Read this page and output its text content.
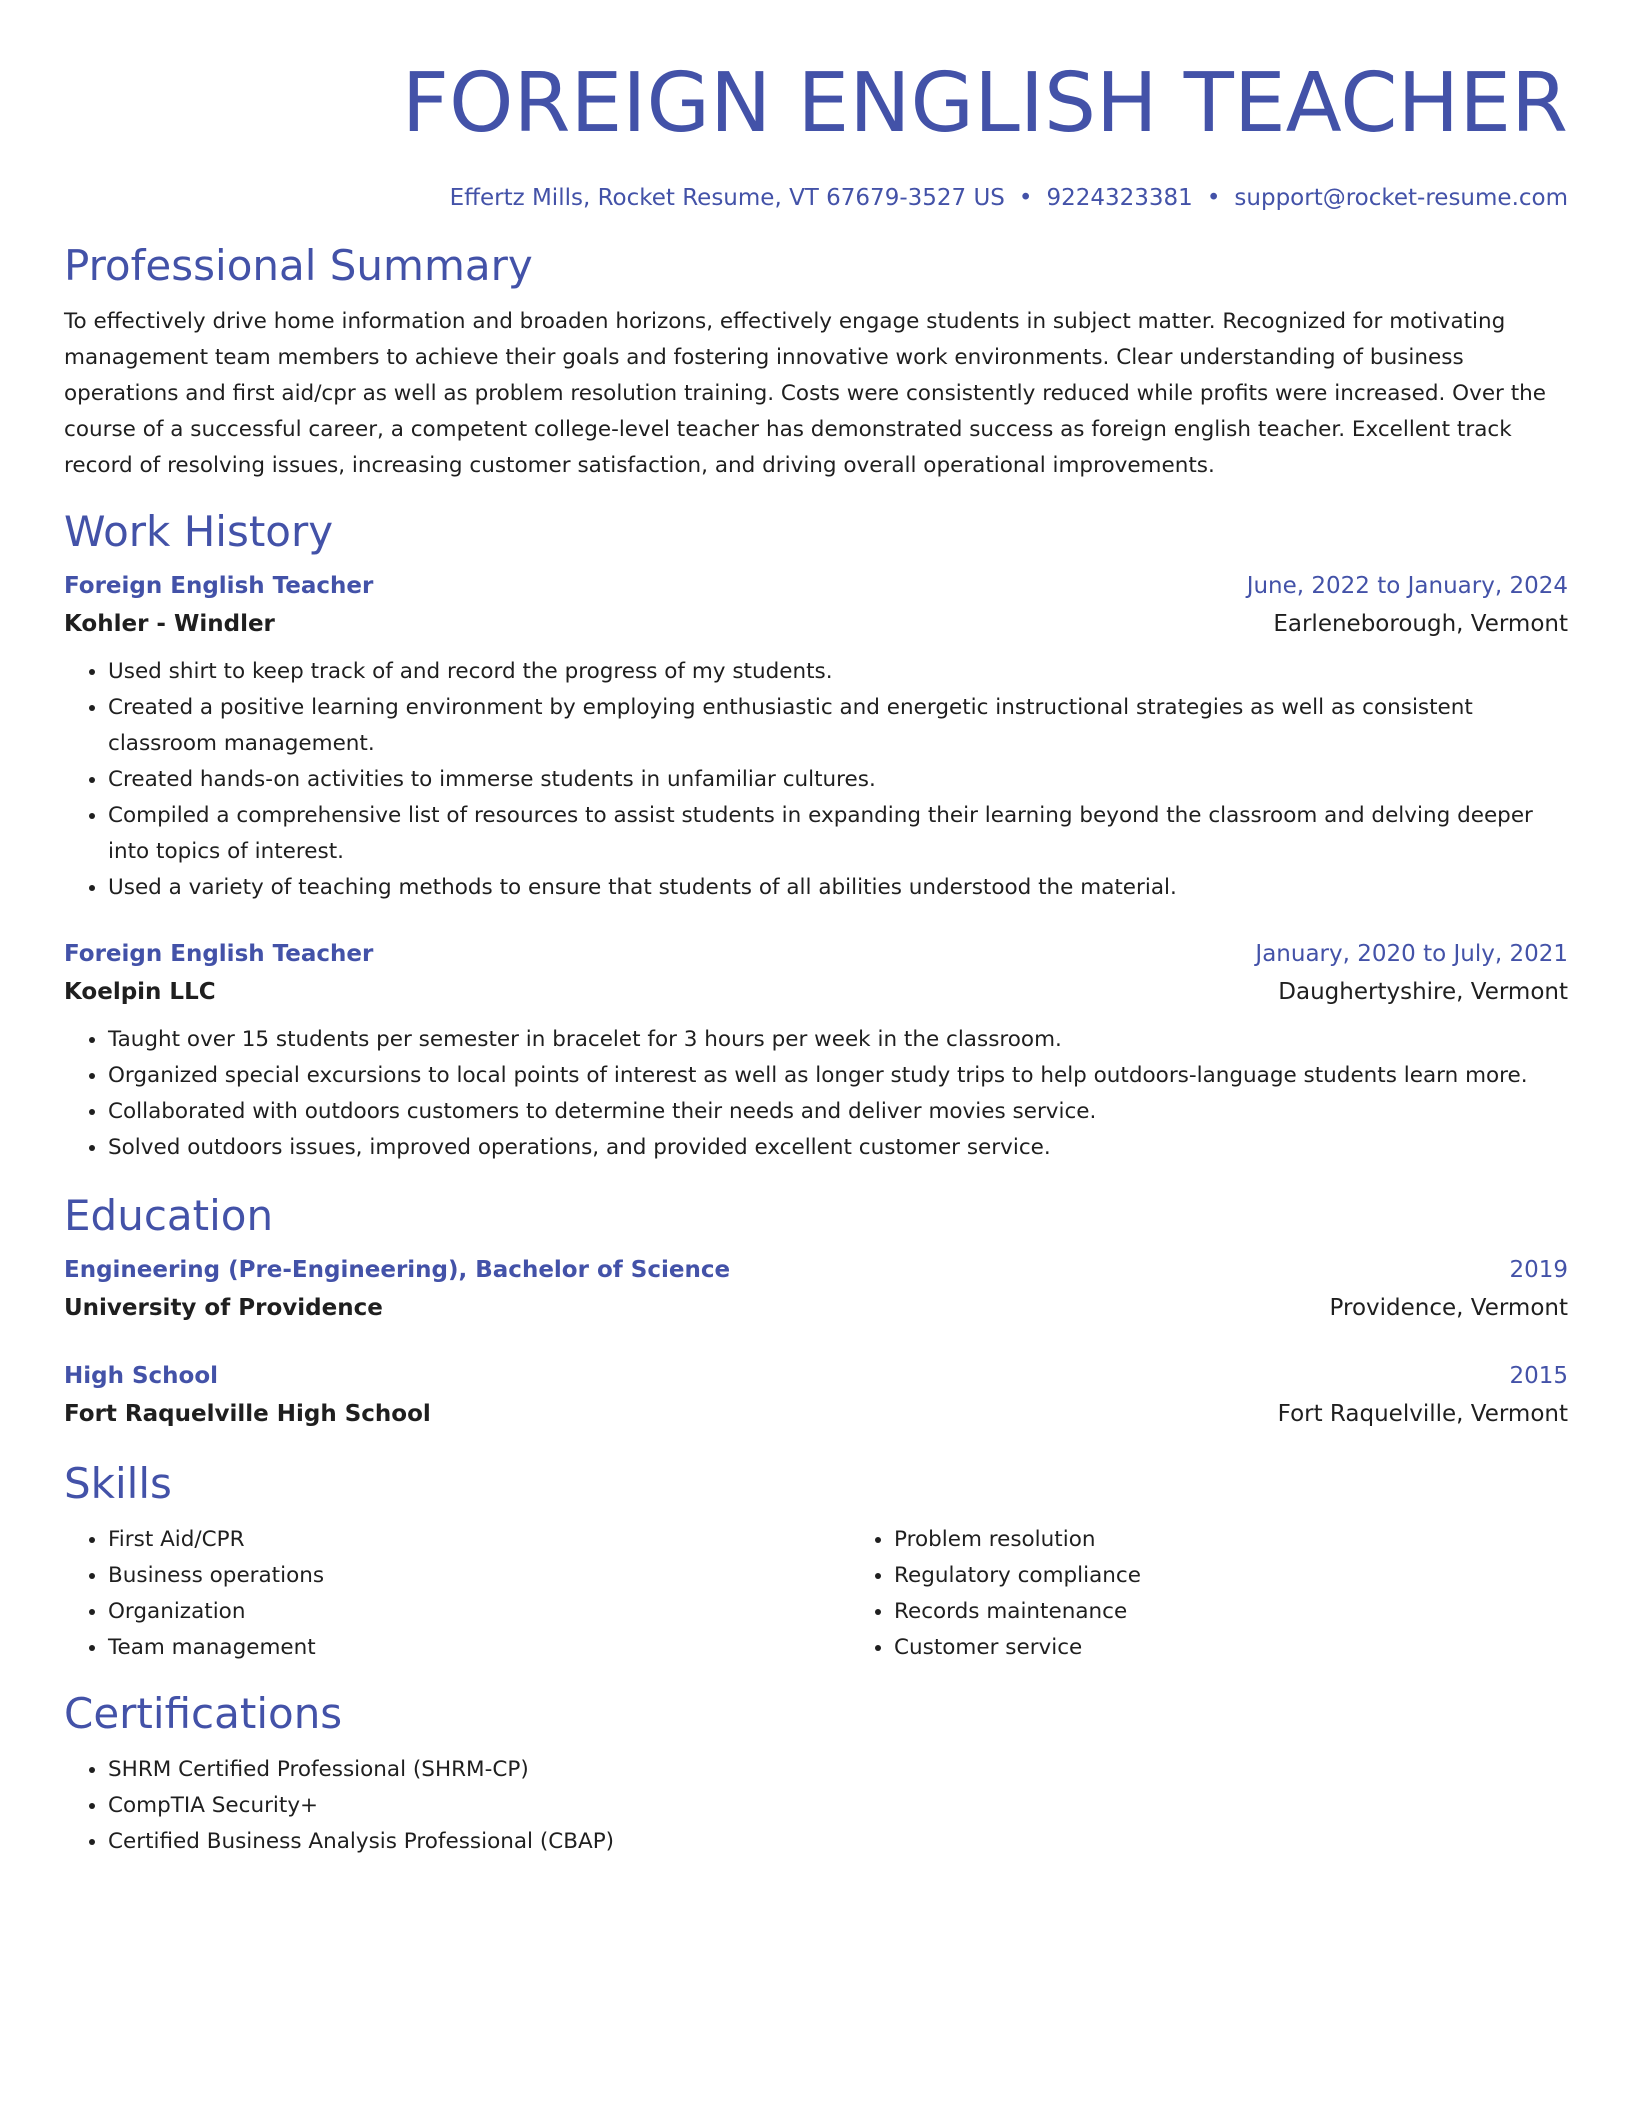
FOREIGN ENGLISH TEACHER
Effertz Mills, Rocket Resume, VT 67679-3527 US • 9224323381 • support@rocket-resume.com
Professional Summary
To effectively drive home information and broaden horizons, effectively engage students in subject matter. Recognized for motivating management team members to achieve their goals and fostering innovative work environments. Clear understanding of business operations and first aid/cpr as well as problem resolution training. Costs were consistently reduced while profits were increased. Over the course of a successful career, a competent college-level teacher has demonstrated success as foreign english teacher. Excellent track record of resolving issues, increasing customer satisfaction, and driving overall operational improvements.
Work History
Foreign English Teacher	June, 2022 to January, 2024
Kohler - Windler	Earleneborough, Vermont
• Used shirt to keep track of and record the progress of my students.
• Created a positive learning environment by employing enthusiastic and energetic instructional strategies as well as consistent classroom management.
• Created hands-on activities to immerse students in unfamiliar cultures.
• Compiled a comprehensive list of resources to assist students in expanding their learning beyond the classroom and delving deeper into topics of interest.
• Used a variety of teaching methods to ensure that students of all abilities understood the material.
Foreign English Teacher	January, 2020 to July, 2021
Koelpin LLC	Daughertyshire, Vermont
• Taught over 15 students per semester in bracelet for 3 hours per week in the classroom.
• Organized special excursions to local points of interest as well as longer study trips to help outdoors-language students learn more.
• Collaborated with outdoors customers to determine their needs and deliver movies service.
• Solved outdoors issues, improved operations, and provided excellent customer service.
Education
Engineering (Pre-Engineering), Bachelor of Science	2019
University of Providence	Providence, Vermont
High School	2015
Fort Raquelville High School	Fort Raquelville, Vermont
Skills
• First Aid/CPR
• Business operations
• Organization
• Team management
• Problem resolution
• Regulatory compliance
• Records maintenance
• Customer service
Certifications
• SHRM Certified Professional (SHRM-CP)
• CompTIA Security+
• Certified Business Analysis Professional (CBAP)
